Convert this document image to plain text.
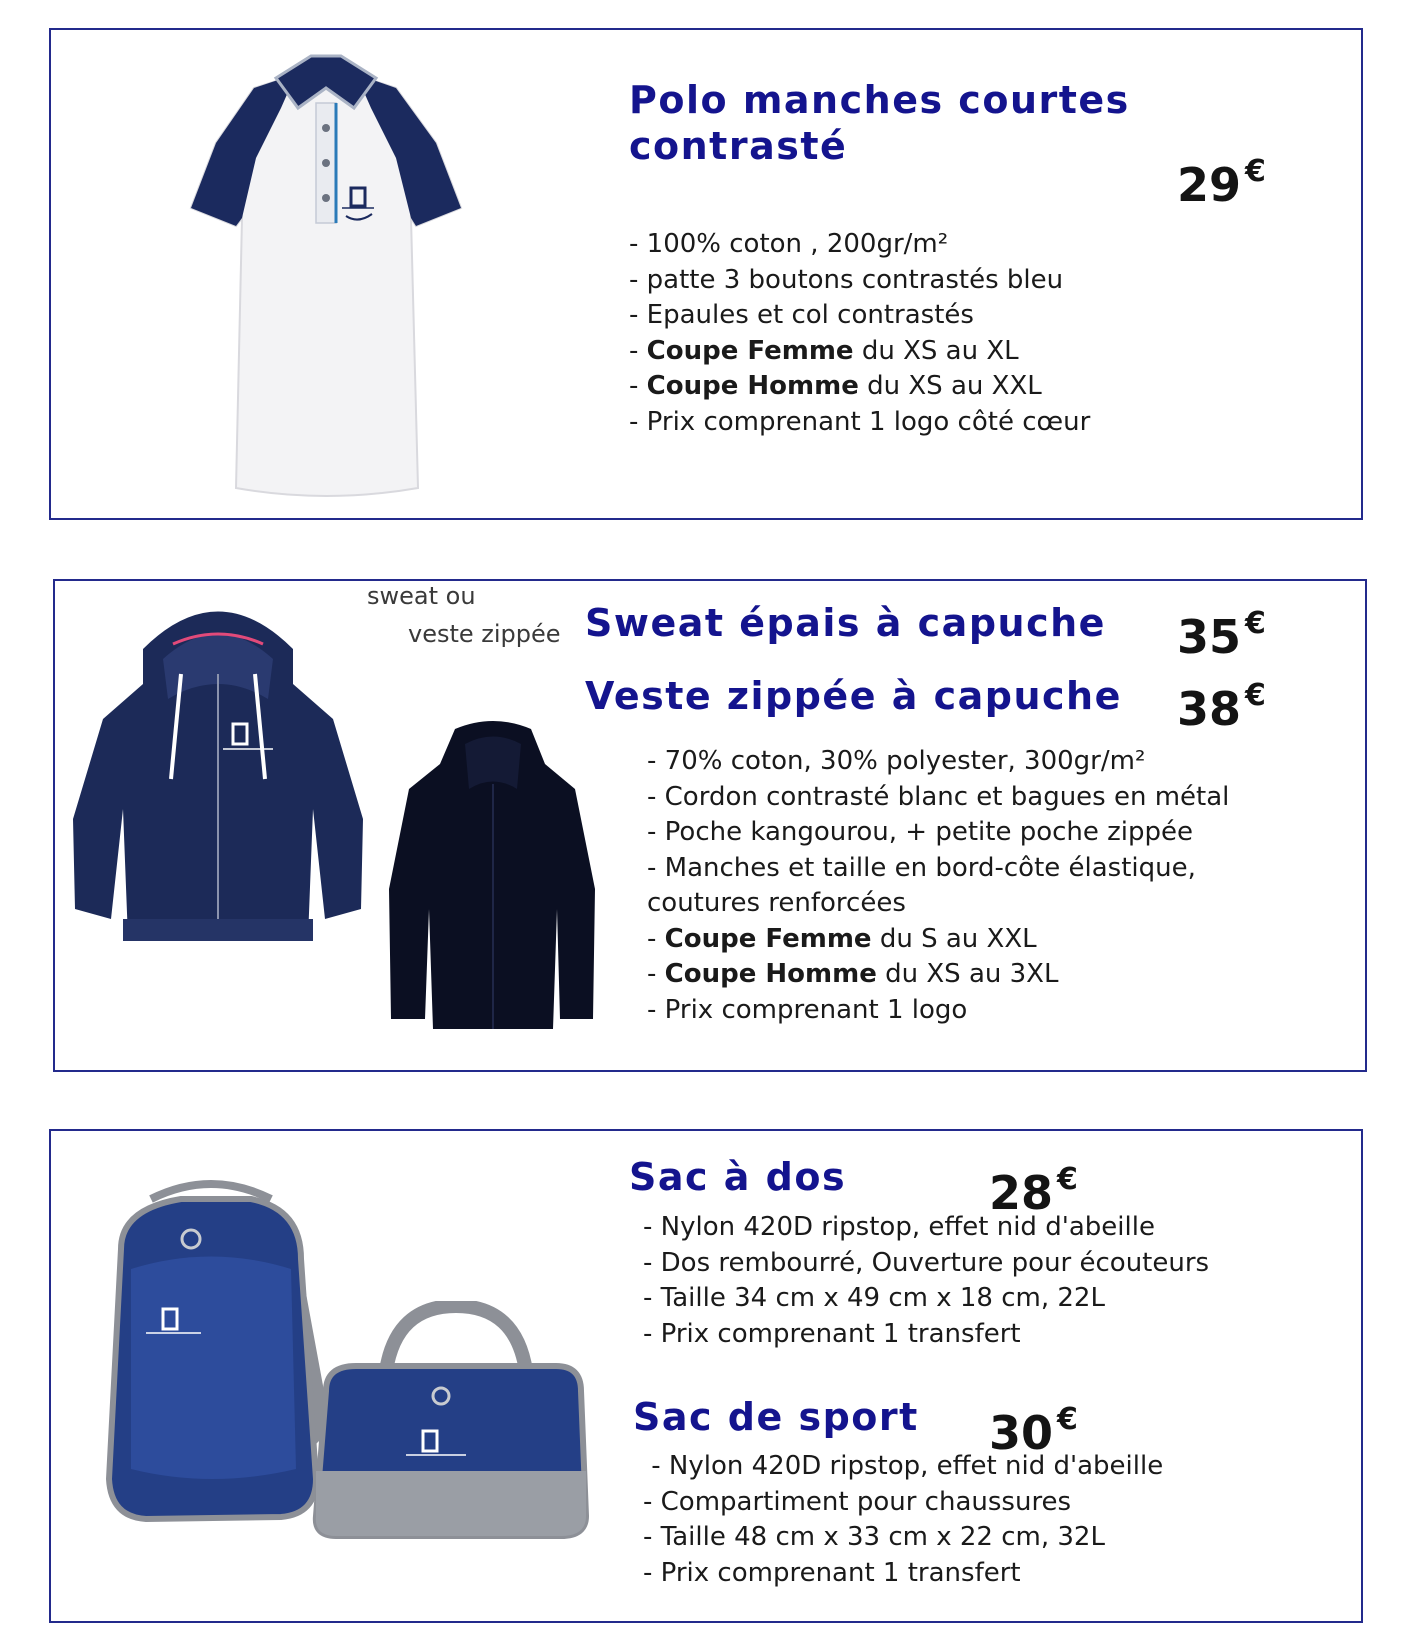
Polo manches courtes
contrasté
29 €
- 100% coton , 200gr/m²
- patte 3 boutons contrastés bleu
- Epaules et col contrastés
- Coupe Femme du XS au XL
- Coupe Homme du XS au XXL
- Prix comprenant 1 logo côté cœur
sweat ou
veste zippée Sweat épais à capuche 35 €
Veste zippée à capuche 38 €
- 70% coton, 30% polyester, 300gr/m²
- Cordon contrasté blanc et bagues en métal
- Poche kangourou, + petite poche zippée
- Manches et taille en bord-côte élastique,
coutures renforcées
- Coupe Femme du S au XXL
- Coupe Homme du XS au 3XL
- Prix comprenant 1 logo
Sac à dos	28 €
- Nylon 420D ripstop, effet nid d'abeille
- Dos rembourré, Ouverture pour écouteurs
- Taille 34 cm x 49 cm x 18 cm, 22L
- Prix comprenant 1 transfert
Sac de sport 30 €
- Nylon 420D ripstop, effet nid d'abeille
- Compartiment pour chaussures
- Taille 48 cm x 33 cm x 22 cm, 32L
- Prix comprenant 1 transfert
